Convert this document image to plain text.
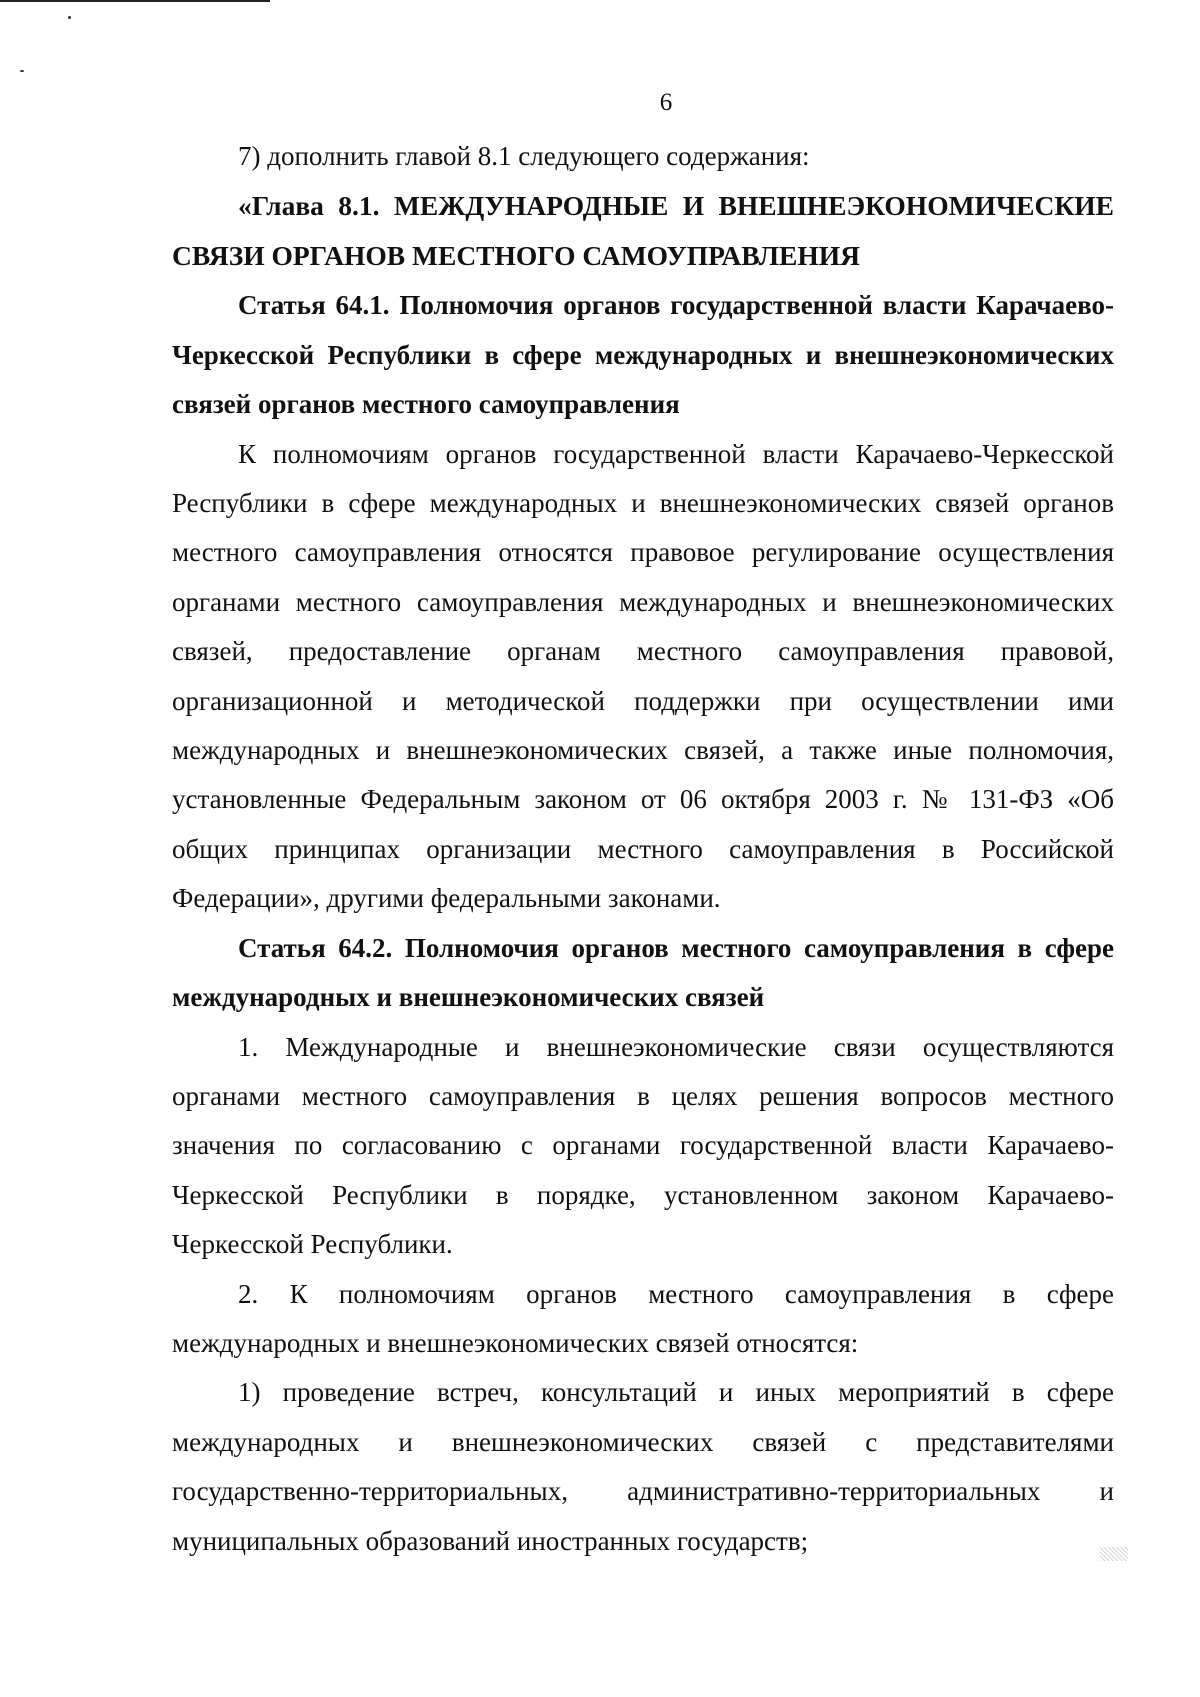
6

7) дополнить главой 8.1 следующего содержания:

«Глава 8.1. МЕЖДУНАРОДНЫЕ И ВНЕШНЕЭКОНОМИЧЕСКИЕ СВЯЗИ ОРГАНОВ МЕСТНОГО САМОУПРАВЛЕНИЯ

Статья 64.1. Полномочия органов государственной власти Карачаево-Черкесской Республики в сфере международных и внешнеэкономических связей органов местного самоуправления

К полномочиям органов государственной власти Карачаево-Черкесской Республики в сфере международных и внешнеэкономических связей органов местного самоуправления относятся правовое регулирование осуществления органами местного самоуправления международных и внешнеэкономических связей, предоставление органам местного самоуправления правовой, организационной и методической поддержки при осуществлении ими международных и внешнеэкономических связей, а также иные полномочия, установленные Федеральным законом от 06 октября 2003 г. № 131-ФЗ «Об общих принципах организации местного самоуправления в Российской Федерации», другими федеральными законами.

Статья 64.2. Полномочия органов местного самоуправления в сфере международных и внешнеэкономических связей

1. Международные и внешнеэкономические связи осуществляются органами местного самоуправления в целях решения вопросов местного значения по согласованию с органами государственной власти Карачаево-Черкесской Республики в порядке, установленном законом Карачаево-Черкесской Республики.

2. К полномочиям органов местного самоуправления в сфере международных и внешнеэкономических связей относятся:

1) проведение встреч, консультаций и иных мероприятий в сфере международных и внешнеэкономических связей с представителями государственно-территориальных, административно-территориальных и муниципальных образований иностранных государств;
